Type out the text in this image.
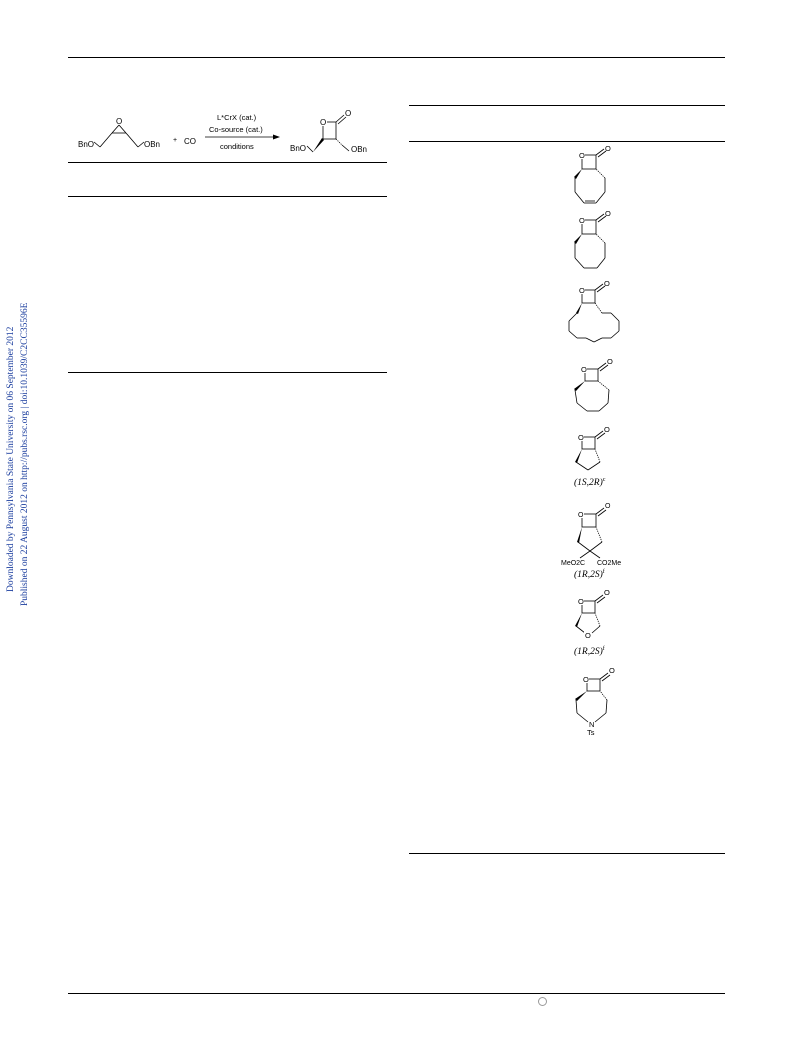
Downloaded by Pennsylvania State University on 06 September 2012 Published on 22 August 2012 on http://pubs.rsc.org | doi:10.1039/C2CC35596E
BnO
O
OBn + CO
L*CrX (cat.)
Co-source (cat.)
conditions	BnO
O
O
OBn
O
O
O
O
O
O
O
O
O
O
$(1S,2R)^c$
O
O
MeO2C CO2Me
$(1R,2S)^f$
O
O
O
$(1R,2S)^f$
O
O
N
Ts
